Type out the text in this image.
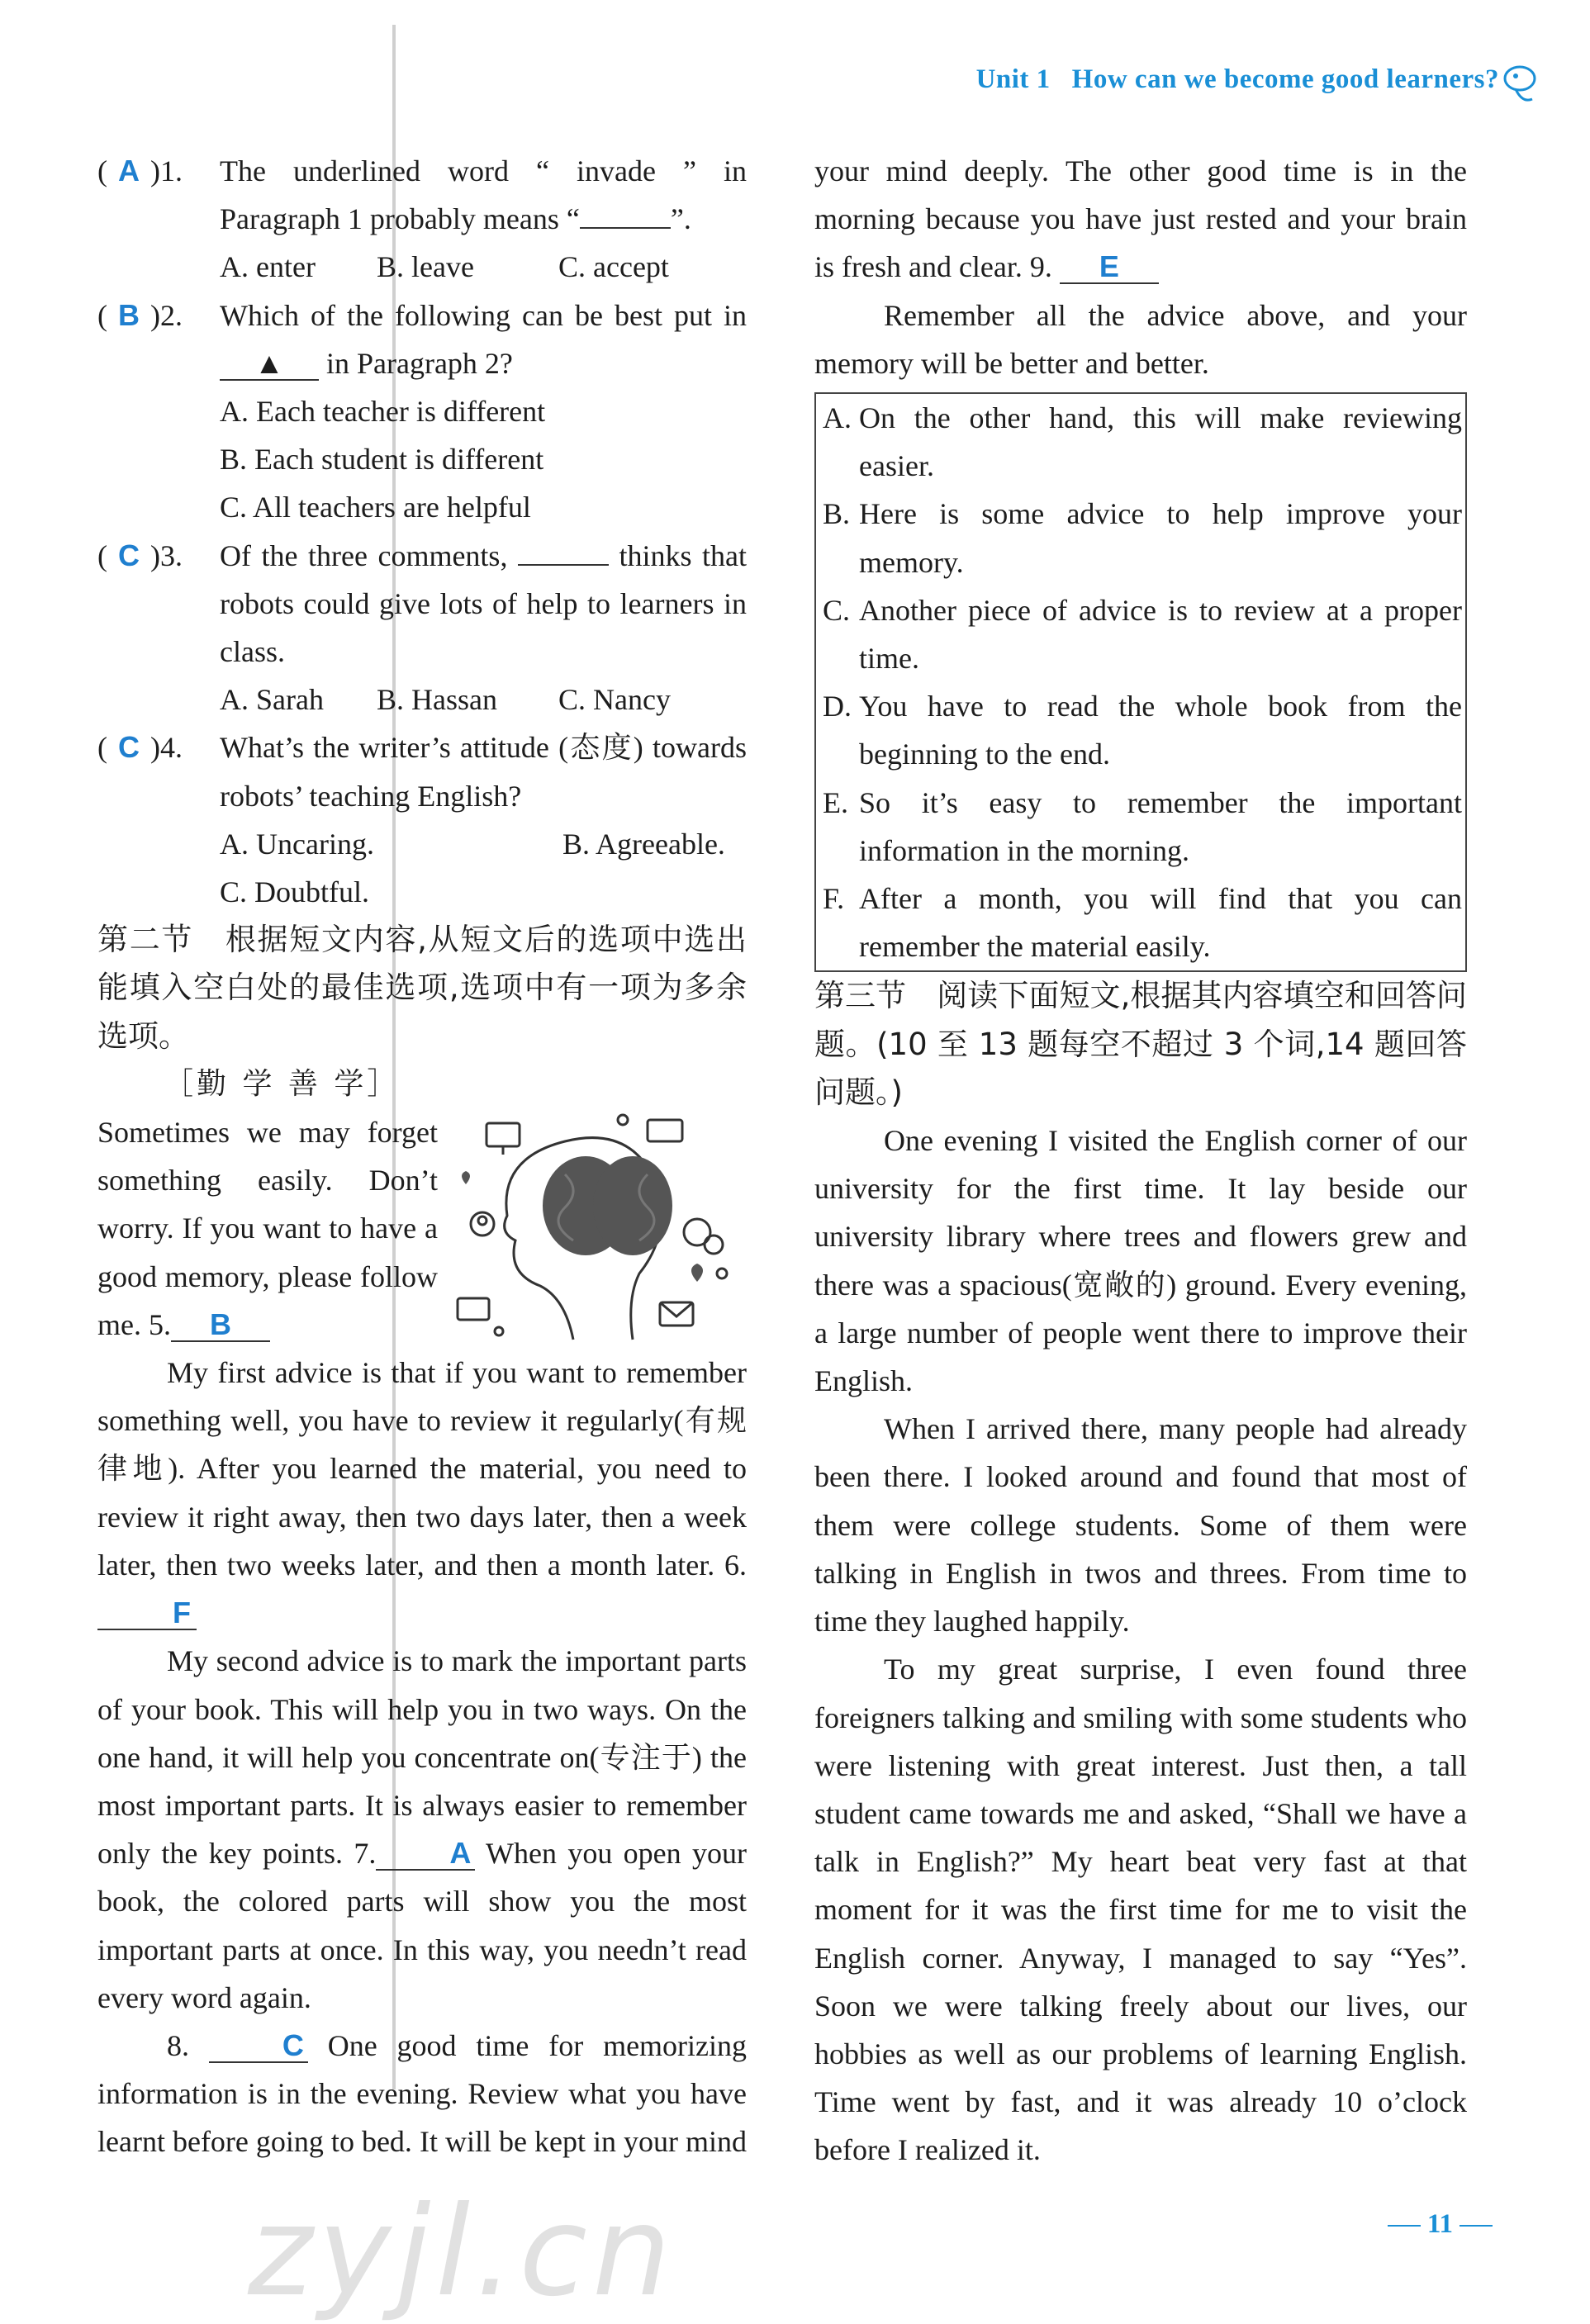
Unit 1 How can we become good learners?
( A )1. The underlined word “ invade ” in Paragraph 1 probably means “	”.
A. enter	B. leave	C. accept
( B )2. Which of the following can be best put in ▲ in Paragraph 2?
A. Each teacher is different
B. Each student is different
C. All teachers are helpful
( C )3. Of the three comments,	thinks that robots could give lots of help to learners in class.
A. Sarah	B. Hassan	C. Nancy
( C )4. What’s the writer’s attitude (态度) towards robots’ teaching English?
A. Uncaring.	B. Agreeable.
C. Doubtful.
第二节　根据短文内容,从短文后的选项中选出能填入空白处的最佳选项,选项中有一项为多余选项。
［勤 学 善 学］
Sometimes we may forget something easily. Don’t worry. If you want to have a good memory, please follow me. 5. B
My first advice is that if you want to remember something well, you have to review it regularly(有规律地). After you learned the material, you need to review it right away, then two days later, then a week later, then two weeks later, and then a month later. 6.F
My second advice is to mark the important parts of your book. This will help you in two ways. On the one hand, it will help you concentrate on(专注于) the most important parts. It is always easier to remember only the key points. 7. A When you open your book, the colored parts will show you the most important parts at once. In this way, you needn’t read every word again.
8.	C One good time for memorizing information is in the evening. Review what you have learnt before going to bed. It will be kept in your mind
your mind deeply. The other good time is in the morning because you have just rested and your brain is fresh and clear. 9. E
Remember all the advice above, and your memory will be better and better.
A. On the other hand, this will make reviewing easier.
B. Here is some advice to help improve your memory.
C. Another piece of advice is to review at a proper time.
D. You have to read the whole book from the beginning to the end.
E. So it’s easy to remember the important information in the morning.
F. After a month, you will find that you can remember the material easily.
第三节　阅读下面短文,根据其内容填空和回答问题。(10 至 13 题每空不超过 3 个词,14 题回答问题。)
One evening I visited the English corner of our university for the first time. It lay beside our university library where trees and flowers grew and there was a spacious(宽敞的) ground. Every evening, a large number of people went there to improve their English.
When I arrived there, many people had already been there. I looked around and found that most of them were college students. Some of them were talking in English in twos and threes. From time to time they laughed happily.
To my great surprise, I even found three foreigners talking and smiling with some students who were listening with great interest. Just then, a tall student came towards me and asked, “Shall we have a talk in English?” My heart beat very fast at that moment for it was the first time for me to visit the English corner. Anyway, I managed to say “Yes”. Soon we were talking freely about our lives, our hobbies as well as our problems of learning English. Time went by fast, and it was already 10 o’clock before I realized it.
zyjl.cn	11
